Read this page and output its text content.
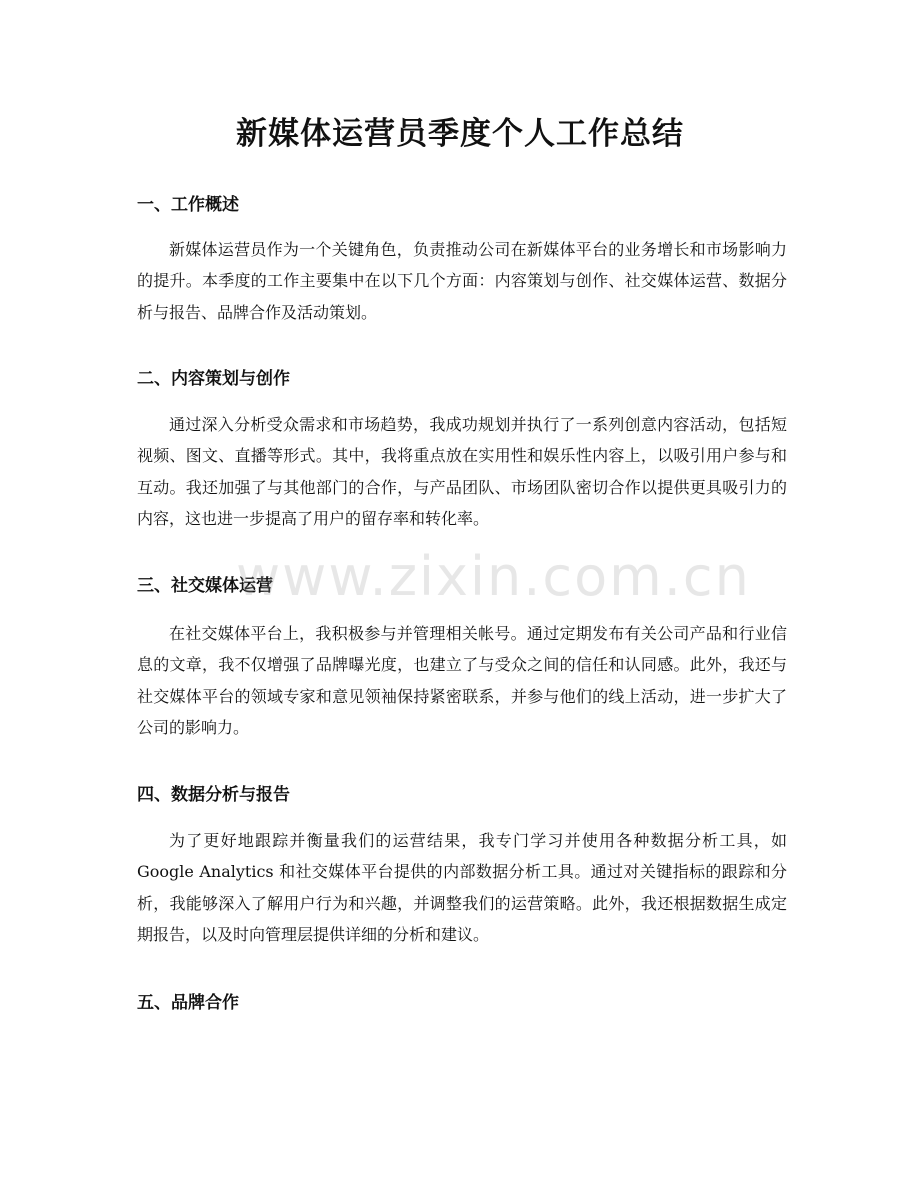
新媒体运营员季度个人工作总结
一、工作概述
新媒体运营员作为一个关键角色，负责推动公司在新媒体平台的业务增长和市场影响力的提升。本季度的工作主要集中在以下几个方面：内容策划与创作、社交媒体运营、数据分析与报告、品牌合作及活动策划。
二、内容策划与创作
通过深入分析受众需求和市场趋势，我成功规划并执行了一系列创意内容活动，包括短视频、图文、直播等形式。其中，我将重点放在实用性和娱乐性内容上，以吸引用户参与和互动。我还加强了与其他部门的合作，与产品团队、市场团队密切合作以提供更具吸引力的内容，这也进一步提高了用户的留存率和转化率。
三、社交媒体运营
在社交媒体平台上，我积极参与并管理相关帐号。通过定期发布有关公司产品和行业信息的文章，我不仅增强了品牌曝光度，也建立了与受众之间的信任和认同感。此外，我还与社交媒体平台的领域专家和意见领袖保持紧密联系，并参与他们的线上活动，进一步扩大了公司的影响力。
四、数据分析与报告
为了更好地跟踪并衡量我们的运营结果，我专门学习并使用各种数据分析工具，如 Google Analytics 和社交媒体平台提供的内部数据分析工具。通过对关键指标的跟踪和分析，我能够深入了解用户行为和兴趣，并调整我们的运营策略。此外，我还根据数据生成定期报告，以及时向管理层提供详细的分析和建议。
五、品牌合作
www.zixin.com.cn
